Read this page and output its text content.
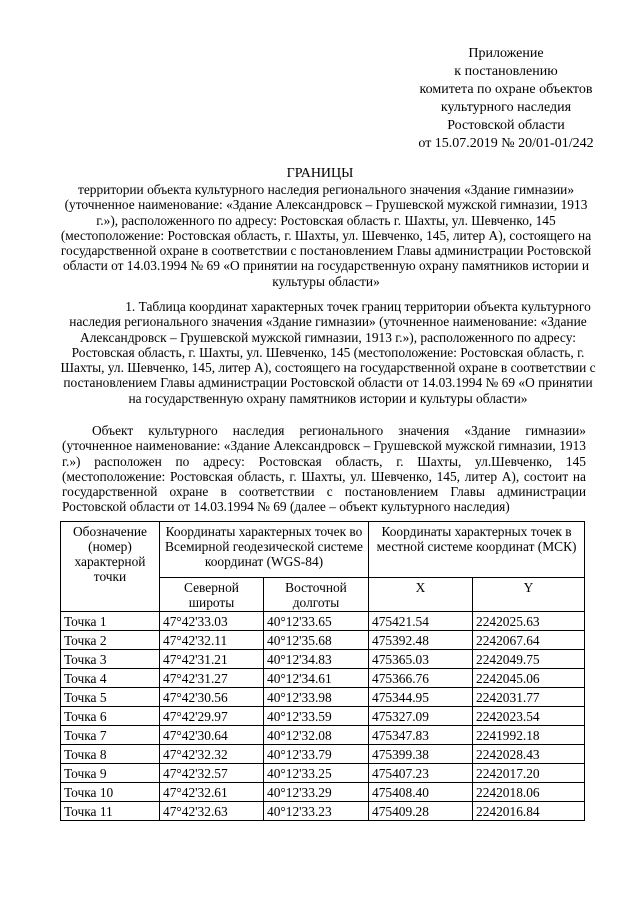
Приложение
к постановлению
комитета по охране объектов
культурного наследия
Ростовской области
от 15.07.2019 № 20/01-01/242
ГРАНИЦЫ
территории объекта культурного наследия регионального значения «Здание гимназии» (уточненное наименование: «Здание Александровск – Грушевской мужской гимназии, 1913 г.»), расположенного по адресу: Ростовская область г. Шахты, ул. Шевченко, 145 (местоположение: Ростовская область, г. Шахты, ул. Шевченко, 145, литер А), состоящего на государственной охране в соответствии с постановлением Главы администрации Ростовской области от 14.03.1994 № 69 «О принятии на государственную охрану памятников истории и культуры области»
1. Таблица координат характерных точек границ территории объекта культурного наследия регионального значения «Здание гимназии» (уточненное наименование: «Здание Александровск – Грушевской мужской гимназии, 1913 г.»), расположенного по адресу: Ростовская область, г. Шахты, ул. Шевченко, 145 (местоположение: Ростовская область, г. Шахты, ул. Шевченко, 145, литер А), состоящего на государственной охране в соответствии с постановлением Главы администрации Ростовской области от 14.03.1994 № 69 «О принятии на государственную охрану памятников истории и культуры области»
Объект культурного наследия регионального значения «Здание гимназии» (уточненное наименование: «Здание Александровск – Грушевской мужской гимназии, 1913 г.») расположен по адресу: Ростовская область, г. Шахты, ул.Шевченко, 145 (местоположение: Ростовская область, г. Шахты, ул. Шевченко, 145, литер А), состоит на государственной охранe в соответствии с постановлением Главы администрации Ростовской области от 14.03.1994 № 69 (далее – объект культурного наследия)
Обозначение (номер) характерной точки	Координаты характерных точек во Всемирной геодезической системе координат (WGS-84)		Координаты характерных точек в местной системе координат (МСК)	
	Северной широты	Восточной долготы	X	Y
Точка 1	47°42'33.03	40°12'33.65	475421.54	2242025.63
Точка 2	47°42'32.11	40°12'35.68	475392.48	2242067.64
Точка 3	47°42'31.21	40°12'34.83	475365.03	2242049.75
Точка 4	47°42'31.27	40°12'34.61	475366.76	2242045.06
Точка 5	47°42'30.56	40°12'33.98	475344.95	2242031.77
Точка 6	47°42'29.97	40°12'33.59	475327.09	2242023.54
Точка 7	47°42'30.64	40°12'32.08	475347.83	2241992.18
Точка 8	47°42'32.32	40°12'33.79	475399.38	2242028.43
Точка 9	47°42'32.57	40°12'33.25	475407.23	2242017.20
Точка 10	47°42'32.61	40°12'33.29	475408.40	2242018.06
Точка 11	47°42'32.63	40°12'33.23	475409.28	2242016.84
